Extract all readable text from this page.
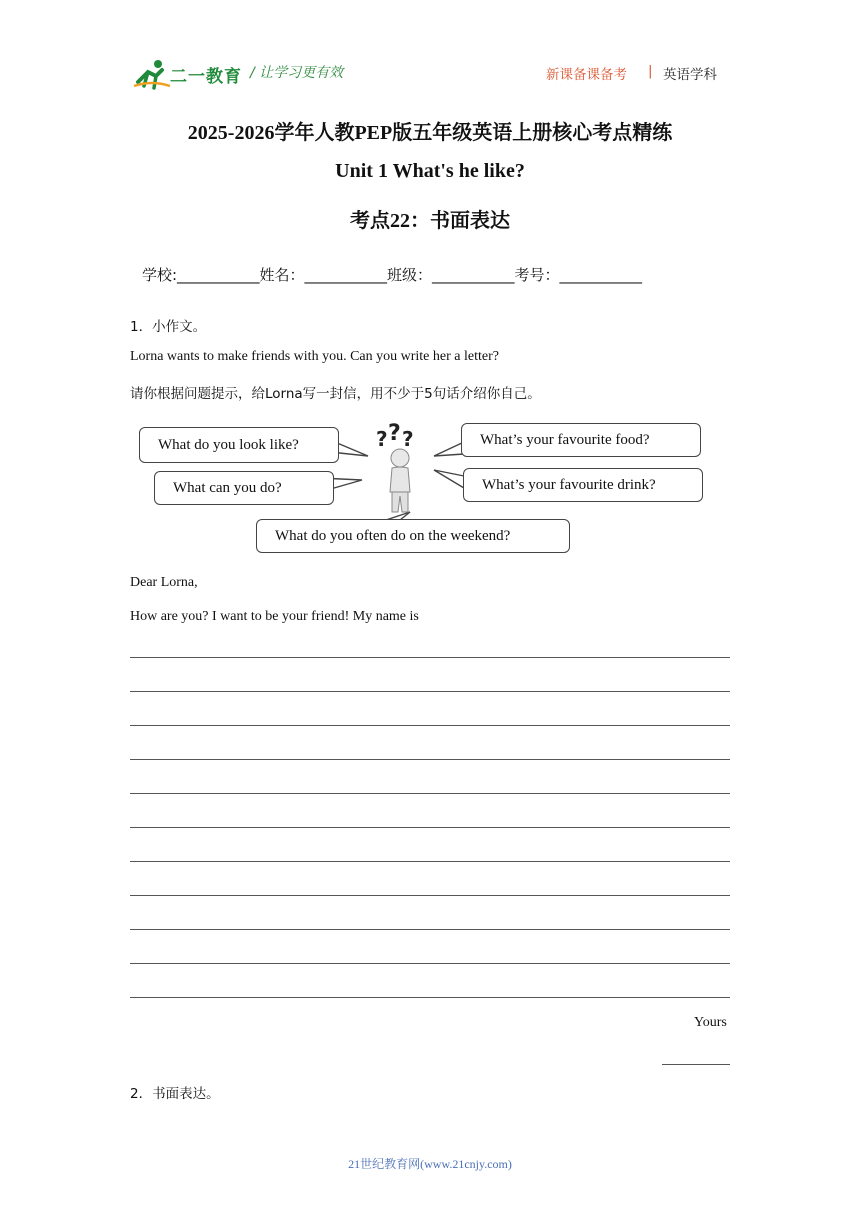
二一教育 / 让学习更有效	新课备课备考 | 英语学科
2025-2026学年人教PEP版五年级英语上册核心考点精练
Unit 1 What's he like?
考点22：书面表达
学校:___________姓名：___________班级：___________考号：___________
1．小作文。
Lorna wants to make friends with you. Can you write her a letter?
请你根据问题提示，给Lorna写一封信，用不少于5句话介绍你自己。
? ? ?
What do you look like?
What can you do?
What’s your favourite food?
What’s your favourite drink?
What do you often do on the weekend?
Dear Lorna,
How are you? I want to be your friend! My name is
Yours
2．书面表达。
21世纪教育网(www.21cnjy.com)
